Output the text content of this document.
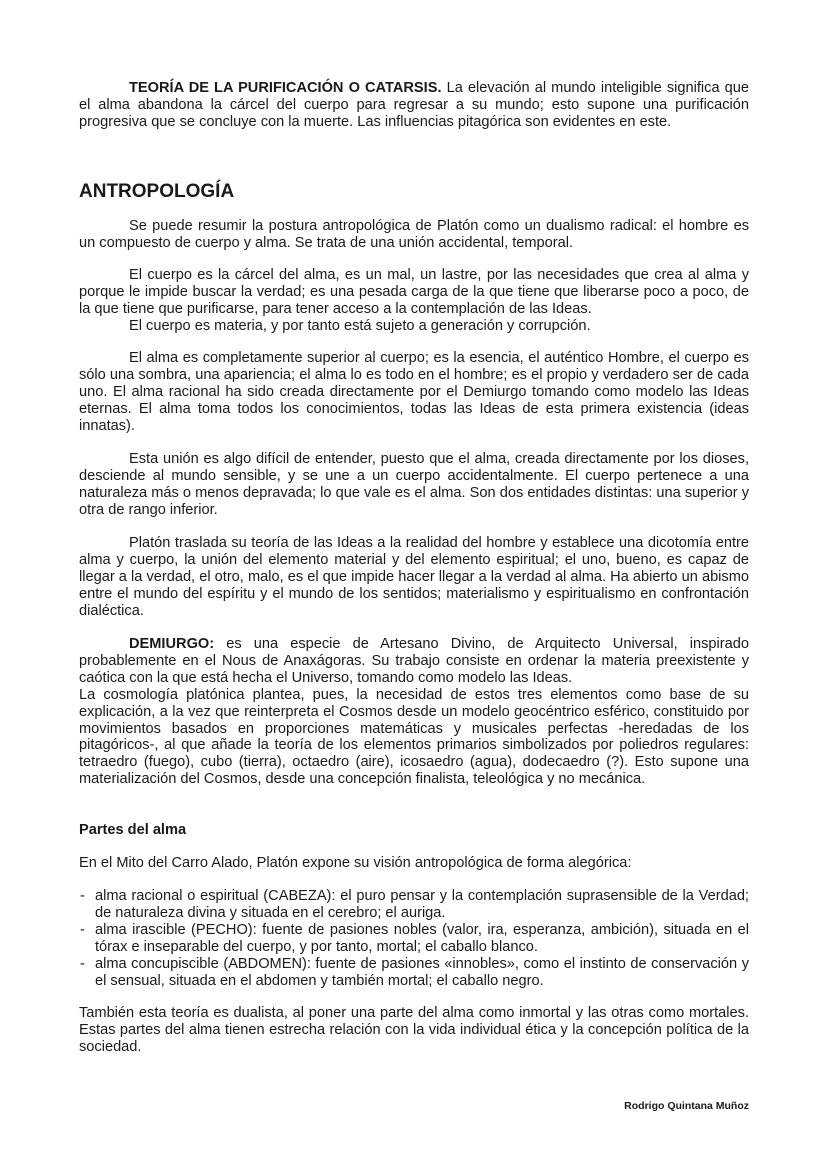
TEORÍA DE LA PURIFICACIÓN O CATARSIS. La elevación al mundo inteligible significa que el alma abandona la cárcel del cuerpo para regresar a su mundo; esto supone una purificación progresiva que se concluye con la muerte. Las influencias pitagórica son evidentes en este.

ANTROPOLOGÍA

Se puede resumir la postura antropológica de Platón como un dualismo radical: el hombre es un compuesto de cuerpo y alma. Se trata de una unión accidental, temporal.

El cuerpo es la cárcel del alma, es un mal, un lastre, por las necesidades que crea al alma y porque le impide buscar la verdad; es una pesada carga de la que tiene que liberarse poco a poco, de la que tiene que purificarse, para tener acceso a la contemplación de las Ideas.

El cuerpo es materia, y por tanto está sujeto a generación y corrupción.

El alma es completamente superior al cuerpo; es la esencia, el auténtico Hombre, el cuerpo es sólo una sombra, una apariencia; el alma lo es todo en el hombre; es el propio y verdadero ser de cada uno. El alma racional ha sido creada directamente por el Demiurgo tomando como modelo las Ideas eternas. El alma toma todos los conocimientos, todas las Ideas de esta primera existencia (ideas innatas).

Esta unión es algo difícil de entender, puesto que el alma, creada directamente por los dioses, desciende al mundo sensible, y se une a un cuerpo accidentalmente. El cuerpo pertenece a una naturaleza más o menos depravada; lo que vale es el alma. Son dos entidades distintas: una superior y otra de rango inferior.

Platón traslada su teoría de las Ideas a la realidad del hombre y establece una dicotomía entre alma y cuerpo, la unión del elemento material y del elemento espiritual; el uno, bueno, es capaz de llegar a la verdad, el otro, malo, es el que impide hacer llegar a la verdad al alma. Ha abierto un abismo entre el mundo del espíritu y el mundo de los sentidos; materialismo y espiritualismo en confrontación dialéctica.

DEMIURGO: es una especie de Artesano Divino, de Arquitecto Universal, inspirado probablemente en el Nous de Anaxágoras. Su trabajo consiste en ordenar la materia preexistente y caótica con la que está hecha el Universo, tomando como modelo las Ideas.

La cosmología platónica plantea, pues, la necesidad de estos tres elementos como base de su explicación, a la vez que reinterpreta el Cosmos desde un modelo geocéntrico esférico, constituido por movimientos basados en proporciones matemáticas y musicales perfectas -heredadas de los pitagóricos-, al que añade la teoría de los elementos primarios simbolizados por poliedros regulares: tetraedro (fuego), cubo (tierra), octaedro (aire), icosaedro (agua), dodecaedro (?). Esto supone una materialización del Cosmos, desde una concepción finalista, teleológica y no mecánica.

Partes del alma

En el Mito del Carro Alado, Platón expone su visión antropológica de forma alegórica:

- alma racional o espiritual (CABEZA): el puro pensar y la contemplación suprasensible de la Verdad; de naturaleza divina y situada en el cerebro; el auriga.
- alma irascible (PECHO): fuente de pasiones nobles (valor, ira, esperanza, ambición), situada en el tórax e inseparable del cuerpo, y por tanto, mortal; el caballo blanco.
- alma concupiscible (ABDOMEN): fuente de pasiones «innobles», como el instinto de conservación y el sensual, situada en el abdomen y también mortal; el caballo negro.

También esta teoría es dualista, al poner una parte del alma como inmortal y las otras como mortales. Estas partes del alma tienen estrecha relación con la vida individual ética y la concepción política de la sociedad.

Rodrigo Quintana Muñoz
